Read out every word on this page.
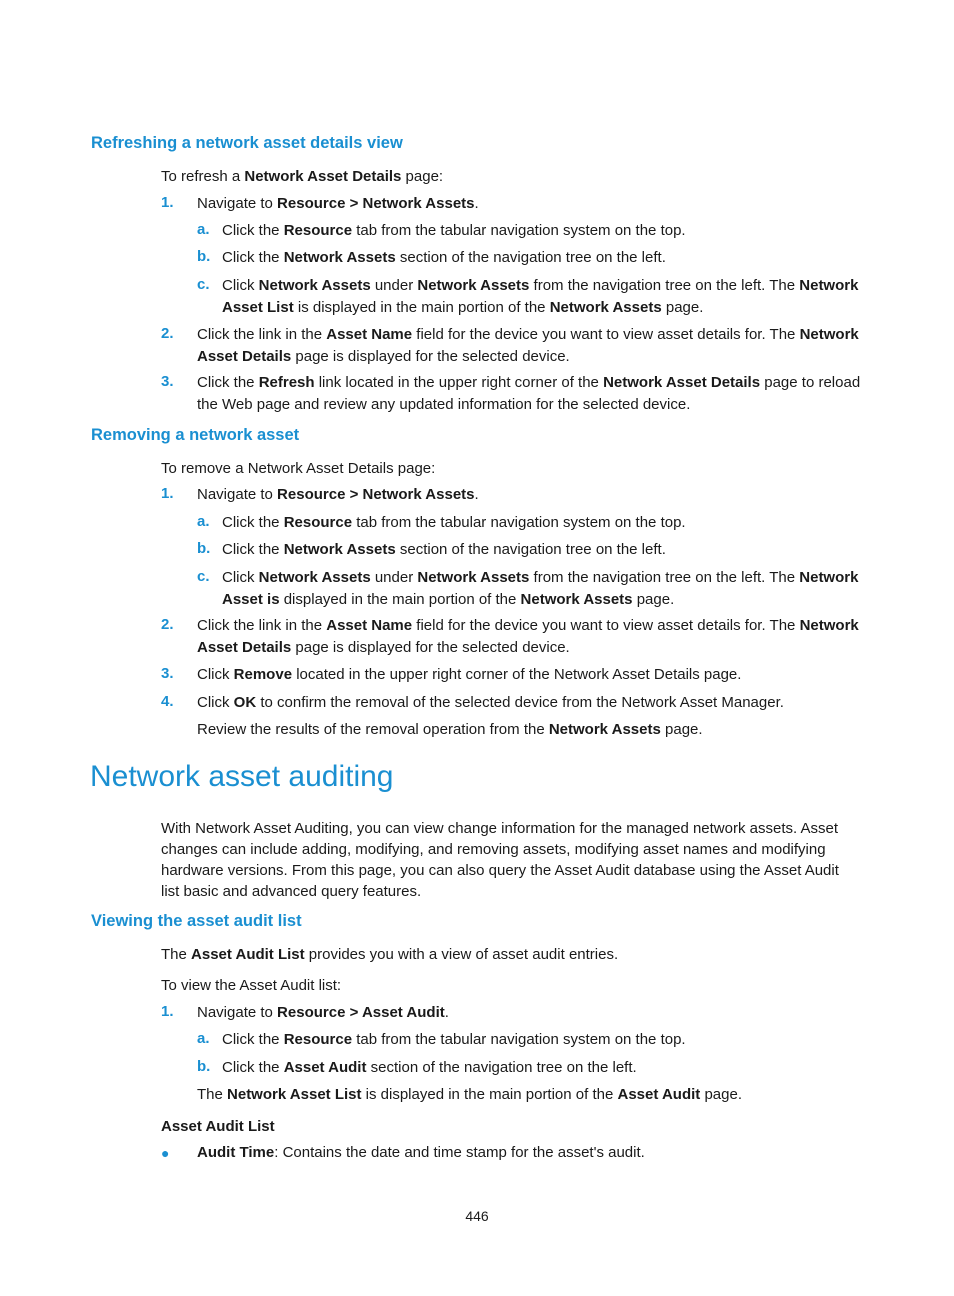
Refreshing a network asset details view
To refresh a Network Asset Details page:
1. Navigate to Resource > Network Assets.
a. Click the Resource tab from the tabular navigation system on the top.
b. Click the Network Assets section of the navigation tree on the left.
c. Click Network Assets under Network Assets from the navigation tree on the left. The Network
Asset List is displayed in the main portion of the Network Assets page.
2. Click the link in the Asset Name field for the device you want to view asset details for. The Network
Asset Details page is displayed for the selected device.
3. Click the Refresh link located in the upper right corner of the Network Asset Details page to reload
the Web page and review any updated information for the selected device.
Removing a network asset
To remove a Network Asset Details page:
1. Navigate to Resource > Network Assets.
a. Click the Resource tab from the tabular navigation system on the top.
b. Click the Network Assets section of the navigation tree on the left.
c. Click Network Assets under Network Assets from the navigation tree on the left. The Network
Asset is displayed in the main portion of the Network Assets page.
2. Click the link in the Asset Name field for the device you want to view asset details for. The Network
Asset Details page is displayed for the selected device.
3. Click Remove located in the upper right corner of the Network Asset Details page.
4. Click OK to confirm the removal of the selected device from the Network Asset Manager.
Review the results of the removal operation from the Network Assets page.
Network asset auditing
With Network Asset Auditing, you can view change information for the managed network assets. Asset
changes can include adding, modifying, and removing assets, modifying asset names and modifying
hardware versions. From this page, you can also query the Asset Audit database using the Asset Audit
list basic and advanced query features.
Viewing the asset audit list
The Asset Audit List provides you with a view of asset audit entries.
To view the Asset Audit list:
1. Navigate to Resource > Asset Audit.
a. Click the Resource tab from the tabular navigation system on the top.
b. Click the Asset Audit section of the navigation tree on the left.
The Network Asset List is displayed in the main portion of the Asset Audit page.
Asset Audit List
● Audit Time: Contains the date and time stamp for the asset's audit.
446
